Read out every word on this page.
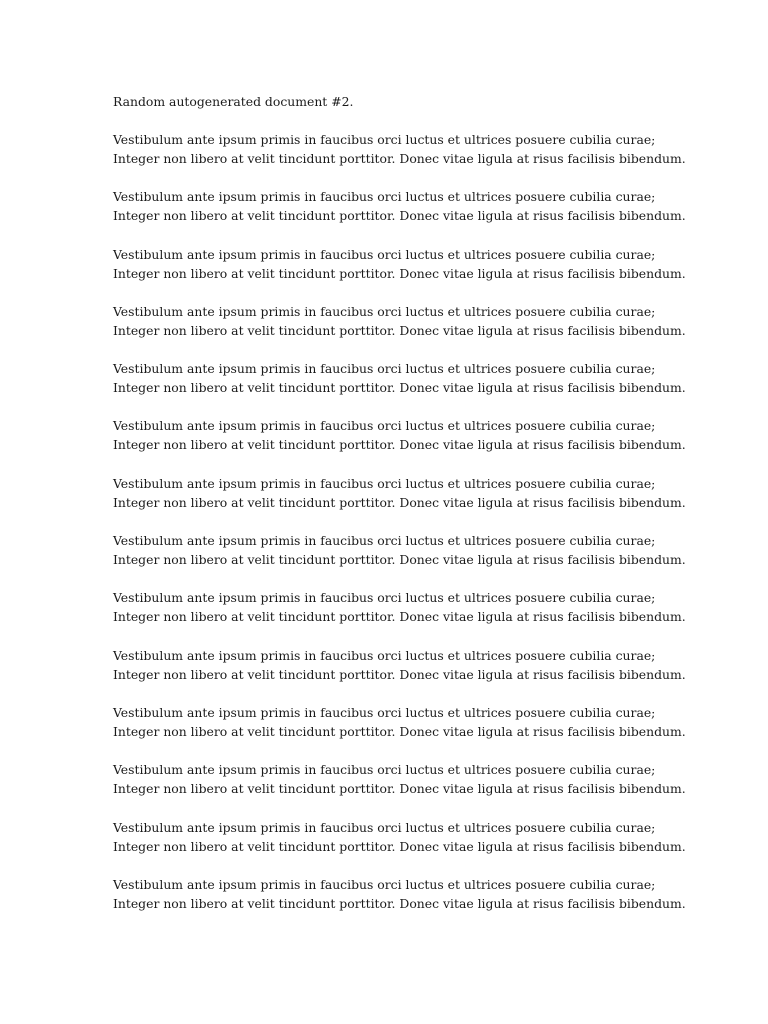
Random autogenerated document #2.

Vestibulum ante ipsum primis in faucibus orci luctus et ultrices posuere cubilia curae;
Integer non libero at velit tincidunt porttitor. Donec vitae ligula at risus facilisis bibendum.

Vestibulum ante ipsum primis in faucibus orci luctus et ultrices posuere cubilia curae;
Integer non libero at velit tincidunt porttitor. Donec vitae ligula at risus facilisis bibendum.

Vestibulum ante ipsum primis in faucibus orci luctus et ultrices posuere cubilia curae;
Integer non libero at velit tincidunt porttitor. Donec vitae ligula at risus facilisis bibendum.

Vestibulum ante ipsum primis in faucibus orci luctus et ultrices posuere cubilia curae;
Integer non libero at velit tincidunt porttitor. Donec vitae ligula at risus facilisis bibendum.

Vestibulum ante ipsum primis in faucibus orci luctus et ultrices posuere cubilia curae;
Integer non libero at velit tincidunt porttitor. Donec vitae ligula at risus facilisis bibendum.

Vestibulum ante ipsum primis in faucibus orci luctus et ultrices posuere cubilia curae;
Integer non libero at velit tincidunt porttitor. Donec vitae ligula at risus facilisis bibendum.

Vestibulum ante ipsum primis in faucibus orci luctus et ultrices posuere cubilia curae;
Integer non libero at velit tincidunt porttitor. Donec vitae ligula at risus facilisis bibendum.

Vestibulum ante ipsum primis in faucibus orci luctus et ultrices posuere cubilia curae;
Integer non libero at velit tincidunt porttitor. Donec vitae ligula at risus facilisis bibendum.

Vestibulum ante ipsum primis in faucibus orci luctus et ultrices posuere cubilia curae;
Integer non libero at velit tincidunt porttitor. Donec vitae ligula at risus facilisis bibendum.

Vestibulum ante ipsum primis in faucibus orci luctus et ultrices posuere cubilia curae;
Integer non libero at velit tincidunt porttitor. Donec vitae ligula at risus facilisis bibendum.

Vestibulum ante ipsum primis in faucibus orci luctus et ultrices posuere cubilia curae;
Integer non libero at velit tincidunt porttitor. Donec vitae ligula at risus facilisis bibendum.

Vestibulum ante ipsum primis in faucibus orci luctus et ultrices posuere cubilia curae;
Integer non libero at velit tincidunt porttitor. Donec vitae ligula at risus facilisis bibendum.

Vestibulum ante ipsum primis in faucibus orci luctus et ultrices posuere cubilia curae;
Integer non libero at velit tincidunt porttitor. Donec vitae ligula at risus facilisis bibendum.

Vestibulum ante ipsum primis in faucibus orci luctus et ultrices posuere cubilia curae;
Integer non libero at velit tincidunt porttitor. Donec vitae ligula at risus facilisis bibendum.
